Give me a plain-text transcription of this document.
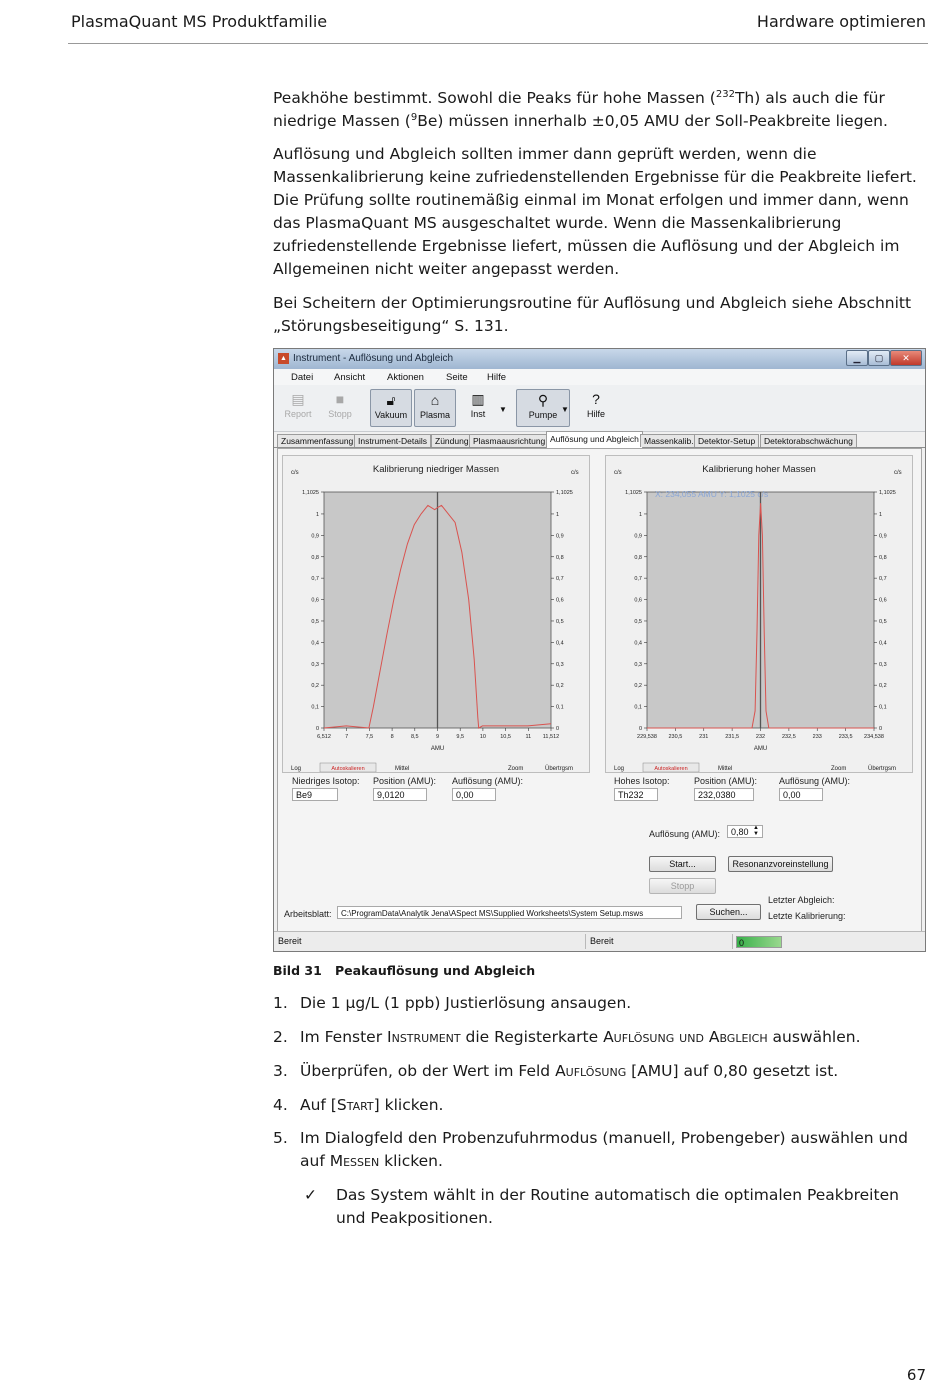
PlasmaQuant MS Produktfamilie	Hardware optimieren

Peakhöhe bestimmt. Sowohl die Peaks für hohe Massen ($^{232}$Th) als auch die für niedrige Massen ($^9$Be) müssen innerhalb ±0,05 AMU der Soll-Peakbreite liegen.

Auflösung und Abgleich sollten immer dann geprüft werden, wenn die Massenkalibrierung keine zufriedenstellenden Ergebnisse für die Peakbreite liefert. Die Prüfung sollte routinemäßig einmal im Monat erfolgen und immer dann, wenn das PlasmaQuant MS ausgeschaltet wurde. Wenn die Massenkalibrierung zufriedenstellende Ergebnisse liefert, müssen die Auflösung und der Abgleich im Allgemeinen nicht weiter angepasst werden.

Bei Scheitern der Optimierungsroutine für Auflösung und Abgleich siehe Abschnitt „Störungsbeseitigung“ S. 131.

▲ Instrument - Auflösung und Abgleich	▁	▢	✕
Datei Ansicht Aktionen Seite Hilfe
▤
Report
■
Stopp
🔓︎
Vakuum
⌂
Plasma
▥
Inst	▼
⚲
Pumpe
▼
?
Hilfe
Zusammenfassung Instrument-Details Zündung Plasmaausrichtung Auflösung und Abgleich Massenkalib. Detektor-Setup	Detektorabschwächung
Kalibrierung niedriger Massen
c/s	c/s
0	0
0,1	0,1
0,2	0,2
0,3	0,3
0,4	0,4
0,5	0,5
0,6	0,6
0,7	0,7
0,8	0,8
0,9	0,9
1	1
1,1025	1,1025
6,512	7	7,5	8	8,5	9	9,5	10	10,5	11 11,512
AMU
Log	Autoskalieren	Mittel	Zoom	Übertrgsm
Kalibrierung hoher Massen
c/s	c/s
X: 234,055 AMU Y: 1,1025 c/s
0	0
0,1	0,1
0,2	0,2
0,3	0,3
0,4	0,4
0,5	0,5
0,6	0,6
0,7	0,7
0,8	0,8
0,9	0,9
1	1
1,1025	1,1025
229,538 230,5	231	231,5	232	232,5	233	233,5 234,538
AMU
Log	Autoskalieren	Mittel	Zoom	Übertrgsm
Niedriges Isotop:
Be9
Position (AMU):
9,0120
Auflösung (AMU):
0,00
Hohes Isotop:
Th232
Position (AMU):
232,0380
Auflösung (AMU):
0,00
Auflösung (AMU):	0,80 ▲
▼
Start...	Resonanzvoreinstellung
Stopp
Letzter Abgleich:
Letzte Kalibrierung:
Arbeitsblatt:	C:\ProgramData\Analytik Jena\ASpect MS\Supplied Worksheets\System Setup.msws	Suchen...
Bereit	Bereit	0
Bild 31 Peakauflösung und Abgleich
1. Die 1 µg/L (1 ppb) Justierlösung ansaugen.
2. Im Fenster Instrument die Registerkarte Auflösung und Abgleich auswählen.
3. Überprüfen, ob der Wert im Feld Auflösung [AMU] auf 0,80 gesetzt ist.
4. Auf [Start] klicken.
5. Im Dialogfeld den Probenzufuhrmodus (manuell, Probengeber) auswählen und auf Messen klicken.
✓ Das System wählt in der Routine automatisch die optimalen Peakbreiten und Peakpositionen.
67
